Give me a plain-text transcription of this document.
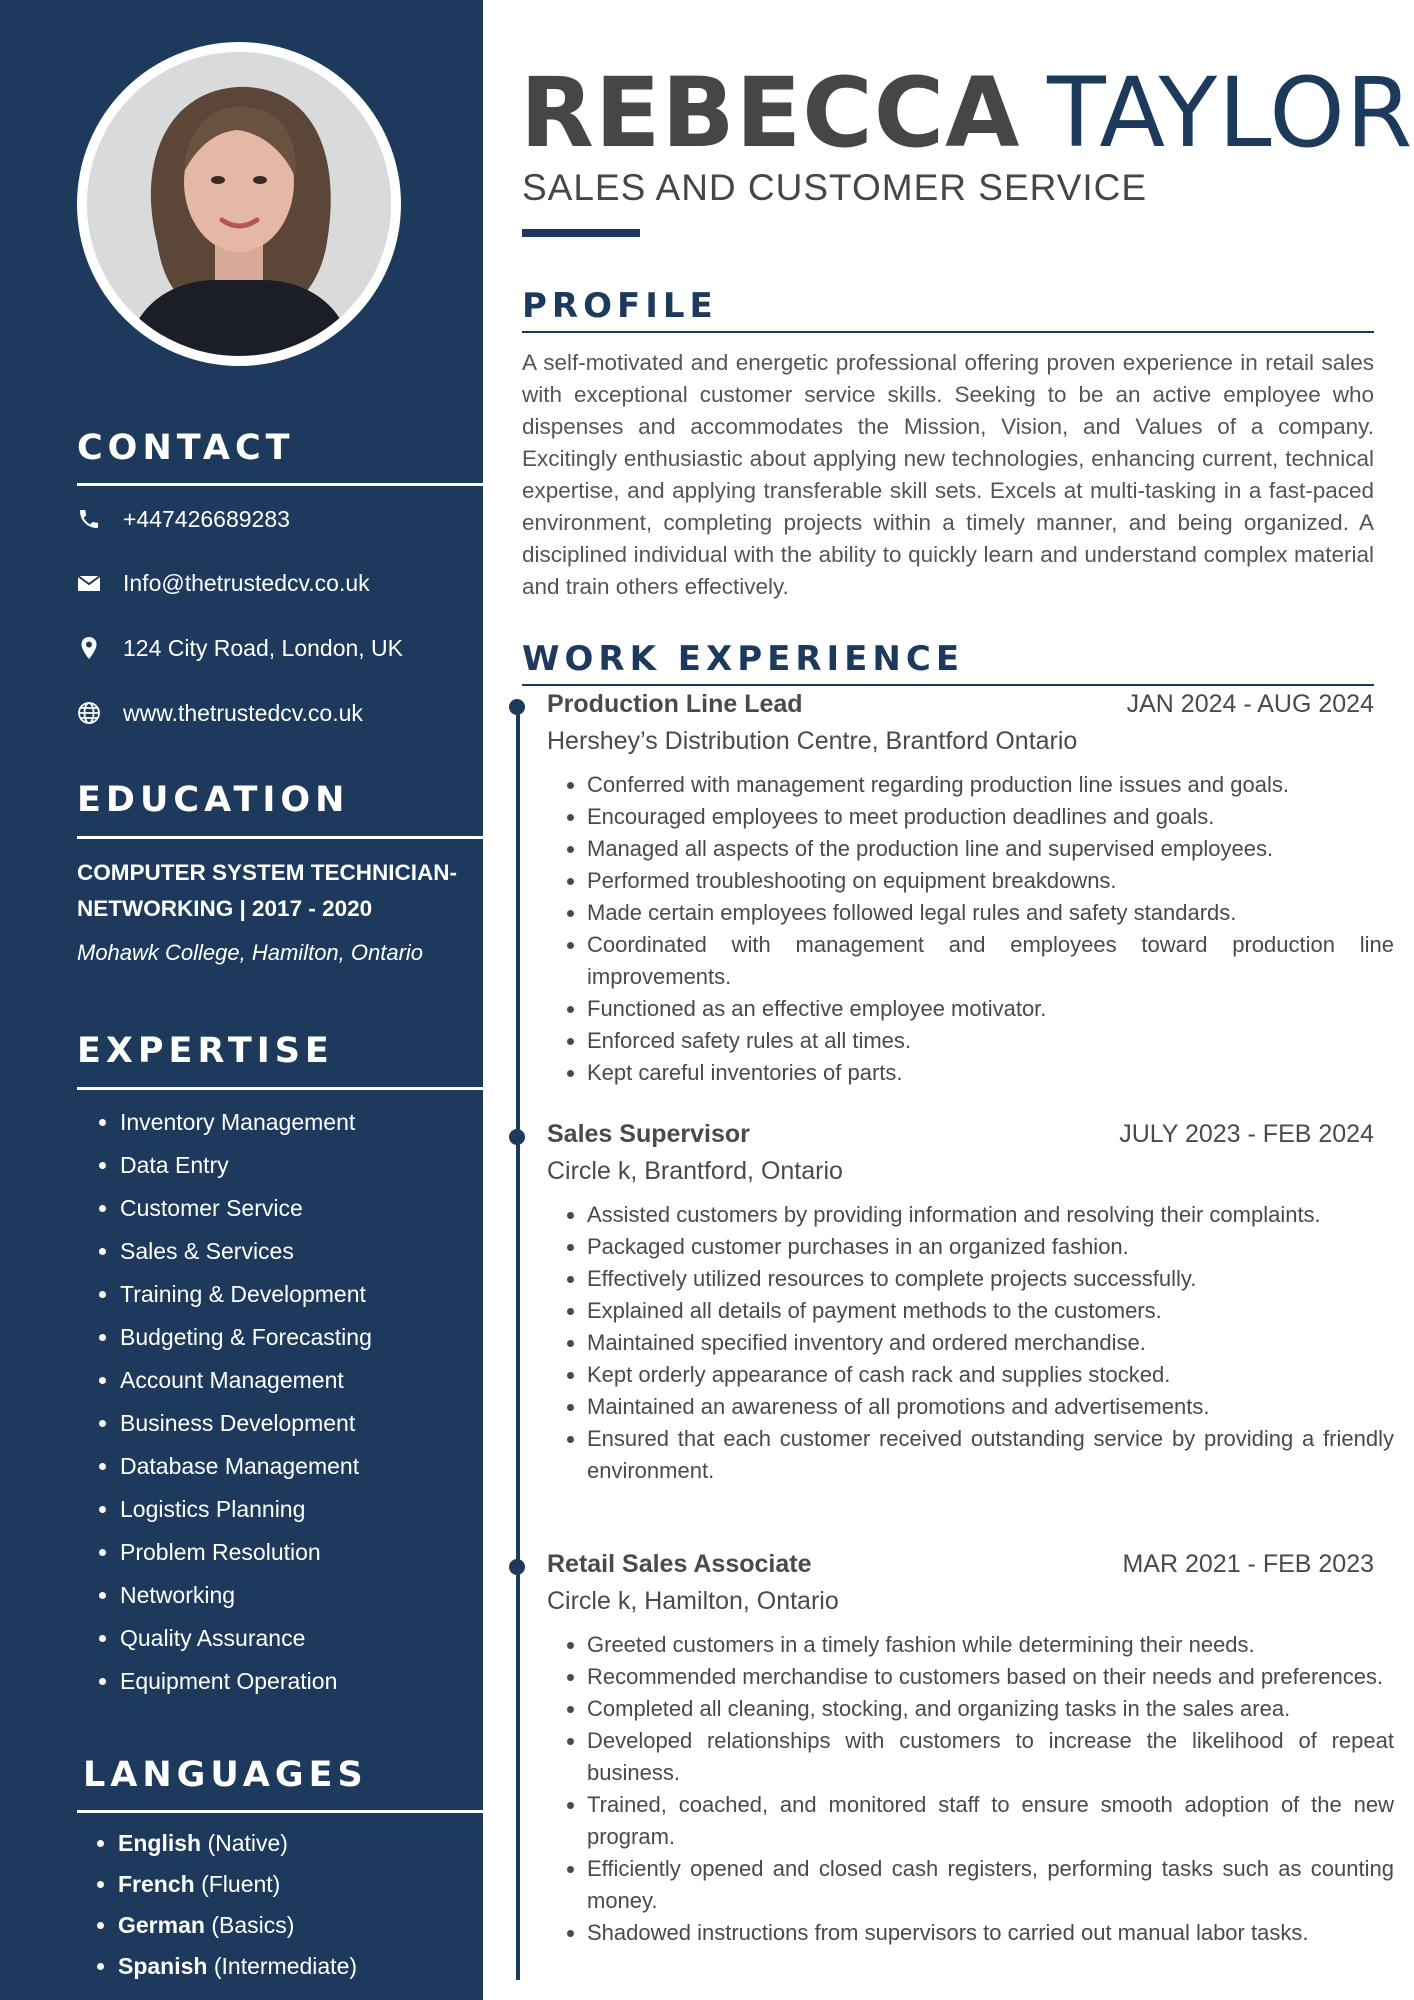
CONTACT
+447426689283
Info@thetrustedcv.co.uk
124 City Road, London, UK
www.thetrustedcv.co.uk
EDUCATION
COMPUTER SYSTEM TECHNICIAN-NETWORKING | 2017 - 2020
Mohawk College, Hamilton, Ontario
EXPERTISE
• Inventory Management
• Data Entry
• Customer Service
• Sales & Services
• Training & Development
• Budgeting & Forecasting
• Account Management
• Business Development
• Database Management
• Logistics Planning
• Problem Resolution
• Networking
• Quality Assurance
• Equipment Operation
LANGUAGES
• English (Native)
• French (Fluent)
• German (Basics)
• Spanish (Intermediate)
REBECCA TAYLOR
SALES AND CUSTOMER SERVICE
PROFILE

A self-motivated and energetic professional offering proven experience in retail sales with exceptional customer service skills. Seeking to be an active employee who dispenses and accommodates the Mission, Vision, and Values of a company. Excitingly enthusiastic about applying new technologies, enhancing current, technical expertise, and applying transferable skill sets. Excels at multi-tasking in a fast-paced environment, completing projects within a timely manner, and being organized. A disciplined individual with the ability to quickly learn and understand complex material and train others effectively.

WORK EXPERIENCE
Production Line Lead	JAN 2024 - AUG 2024
Hershey’s Distribution Centre, Brantford Ontario
• Conferred with management regarding production line issues and goals.
• Encouraged employees to meet production deadlines and goals.
• Managed all aspects of the production line and supervised employees.
• Performed troubleshooting on equipment breakdowns.
• Made certain employees followed legal rules and safety standards.
• Coordinated with management and employees toward production line improvements.
• Functioned as an effective employee motivator.
• Enforced safety rules at all times.
• Kept careful inventories of parts.
Sales Supervisor	JULY 2023 - FEB 2024
Circle k, Brantford, Ontario
• Assisted customers by providing information and resolving their complaints.
• Packaged customer purchases in an organized fashion.
• Effectively utilized resources to complete projects successfully.
• Explained all details of payment methods to the customers.
• Maintained specified inventory and ordered merchandise.
• Kept orderly appearance of cash rack and supplies stocked.
• Maintained an awareness of all promotions and advertisements.
• Ensured that each customer received outstanding service by providing a friendly environment.
Retail Sales Associate	MAR 2021 - FEB 2023
Circle k, Hamilton, Ontario
• Greeted customers in a timely fashion while determining their needs.
• Recommended merchandise to customers based on their needs and preferences.
• Completed all cleaning, stocking, and organizing tasks in the sales area.
• Developed relationships with customers to increase the likelihood of repeat business.
• Trained, coached, and monitored staff to ensure smooth adoption of the new program.
• Efficiently opened and closed cash registers, performing tasks such as counting money.
• Shadowed instructions from supervisors to carried out manual labor tasks.
